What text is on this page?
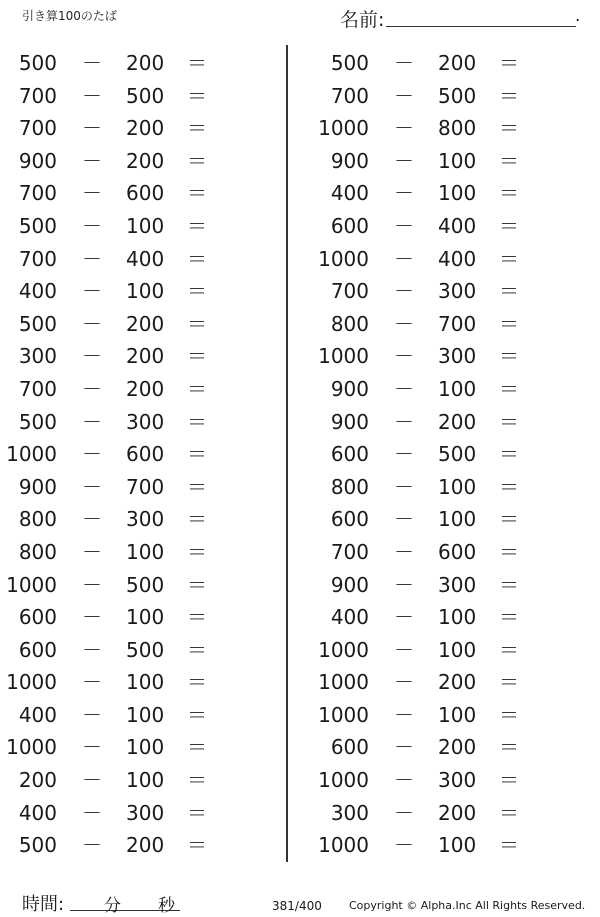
引き算100のたば	名前:	.
500 － 200 ＝
700 － 500 ＝
700 － 200 ＝
900 － 200 ＝
700 － 600 ＝
500 － 100 ＝
700 － 400 ＝
400 － 100 ＝
500 － 200 ＝
300 － 200 ＝
700 － 200 ＝
500 － 300 ＝
1000 － 600 ＝
900 － 700 ＝
800 － 300 ＝
800 － 100 ＝
1000 － 500 ＝
600 － 100 ＝
600 － 500 ＝
1000 － 100 ＝
400 － 100 ＝
1000 － 100 ＝
200 － 100 ＝
400 － 300 ＝
500 － 200 ＝
500 － 200 ＝
700 － 500 ＝
1000 － 800 ＝
900 － 100 ＝
400 － 100 ＝
600 － 400 ＝
1000 － 400 ＝
700 － 300 ＝
800 － 700 ＝
1000 － 300 ＝
900 － 100 ＝
900 － 200 ＝
600 － 500 ＝
800 － 100 ＝
600 － 100 ＝
700 － 600 ＝
900 － 300 ＝
400 － 100 ＝
1000 － 100 ＝
1000 － 200 ＝
1000 － 100 ＝
600 － 200 ＝
1000 － 300 ＝
300 － 200 ＝
1000 － 100 ＝
時間: 分 秒	381/400 Copyright © Alpha.Inc All Rights Reserved.
